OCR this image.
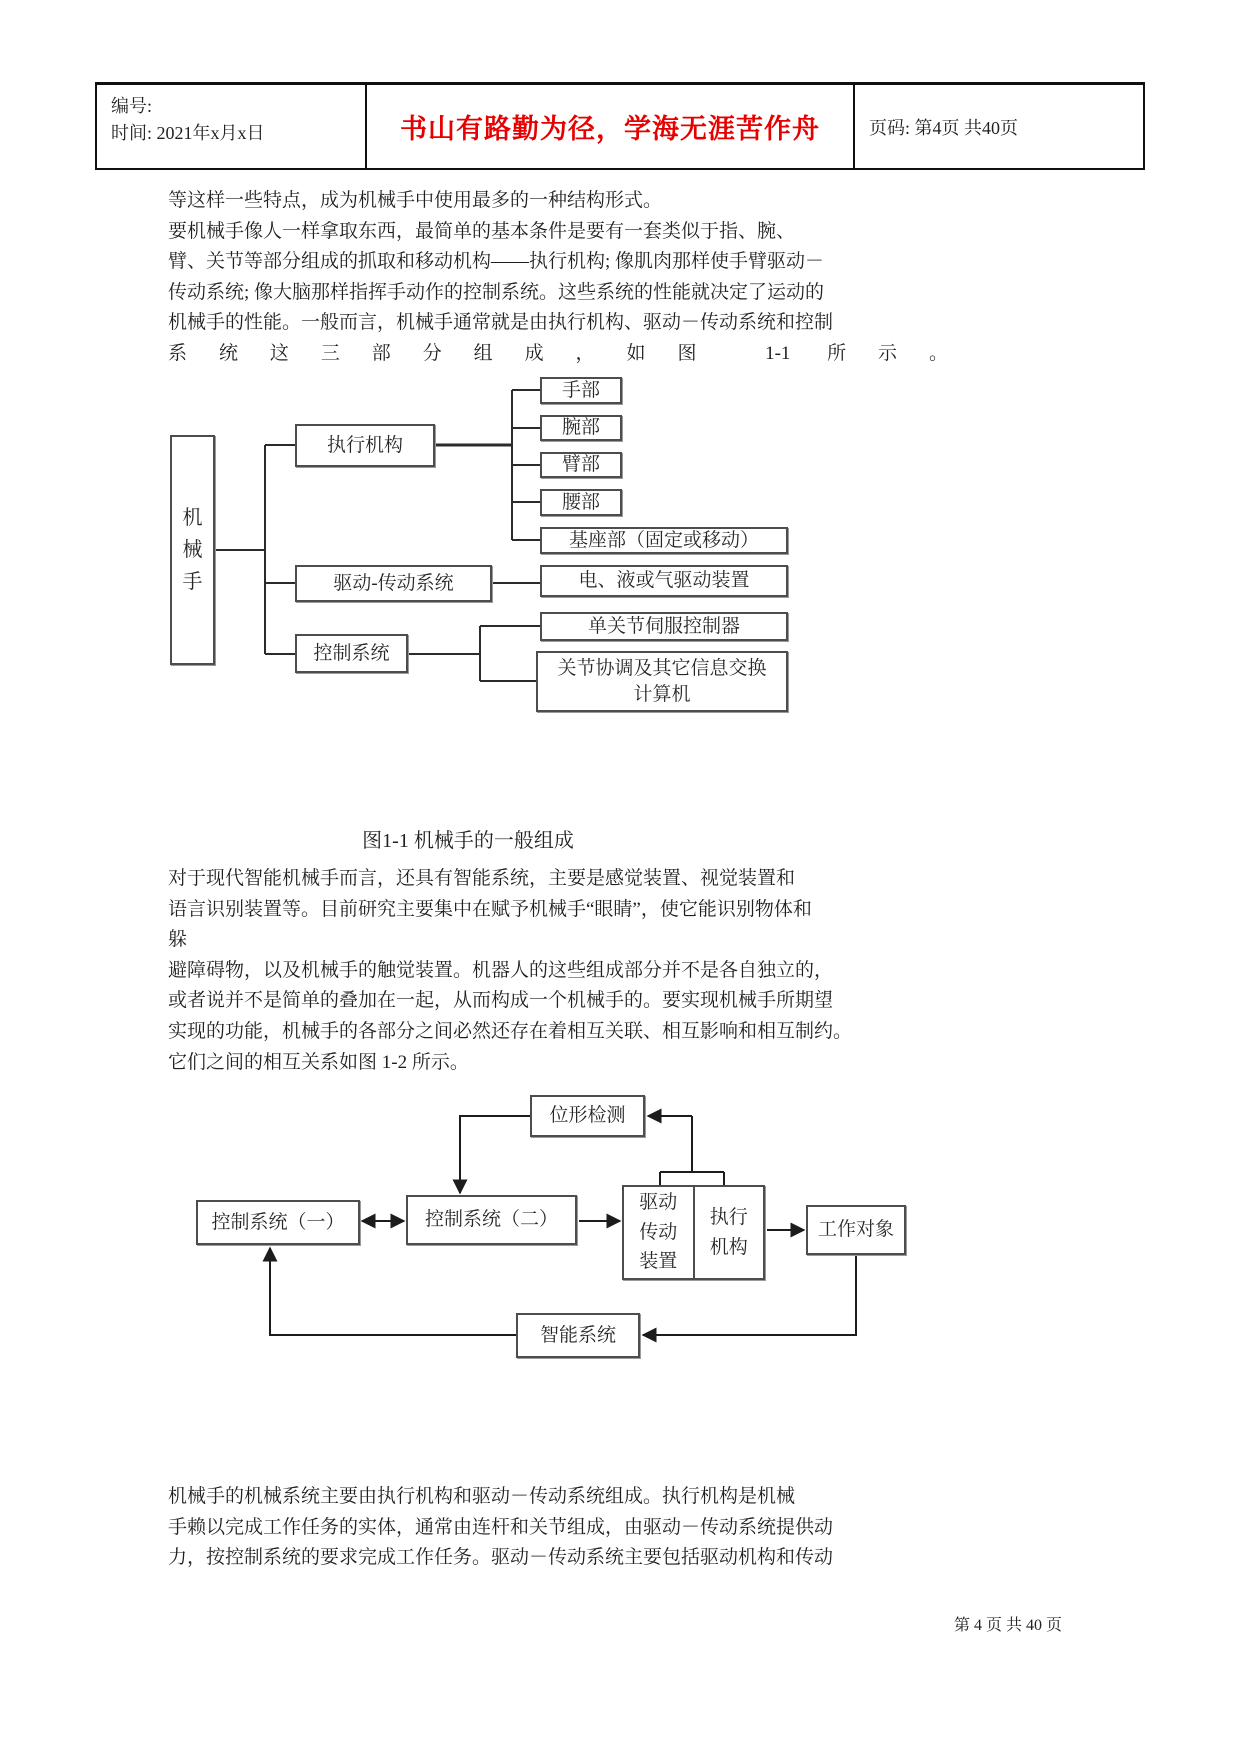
编号:
时间: 2021年x月x日	书山有路勤为径，学海无涯苦作舟	页码: 第4页 共40页
等这样一些特点，成为机械手中使用最多的一种结构形式。
要机械手像人一样拿取东西，最简单的基本条件是要有一套类似于指、腕、
臂、关节等部分组成的抓取和移动机构——执行机构; 像肌肉那样使手臂驱动－
传动系统; 像大脑那样指挥手动作的控制系统。这些系统的性能就决定了运动的
机械手的性能。一般而言，机械手通常就是由执行机构、驱动－传动系统和控制
系统这三部分组成，如图 1-1 所示。
机械手
执行机构
手部
腕部
臂部
腰部
基座部（固定或移动）
驱动-传动系统	电、液或气驱动装置
控制系统
单关节伺服控制器
关节协调及其它信息交换计算机
图1-1 机械手的一般组成
对于现代智能机械手而言，还具有智能系统，主要是感觉装置、视觉装置和
语言识别装置等。目前研究主要集中在赋予机械手“眼睛”，使它能识别物体和
躲
避障碍物，以及机械手的触觉装置。机器人的这些组成部分并不是各自独立的，
或者说并不是简单的叠加在一起，从而构成一个机械手的。要实现机械手所期望
实现的功能，机械手的各部分之间必然还存在着相互关联、相互影响和相互制约。
它们之间的相互关系如图 1-2 所示。
位形检测
控制系统（一）	控制系统（二）
驱动传动装置
执行机构
工作对象
智能系统
机械手的机械系统主要由执行机构和驱动－传动系统组成。执行机构是机械
手赖以完成工作任务的实体，通常由连杆和关节组成，由驱动－传动系统提供动
力，按控制系统的要求完成工作任务。驱动－传动系统主要包括驱动机构和传动
第 4 页 共 40 页
